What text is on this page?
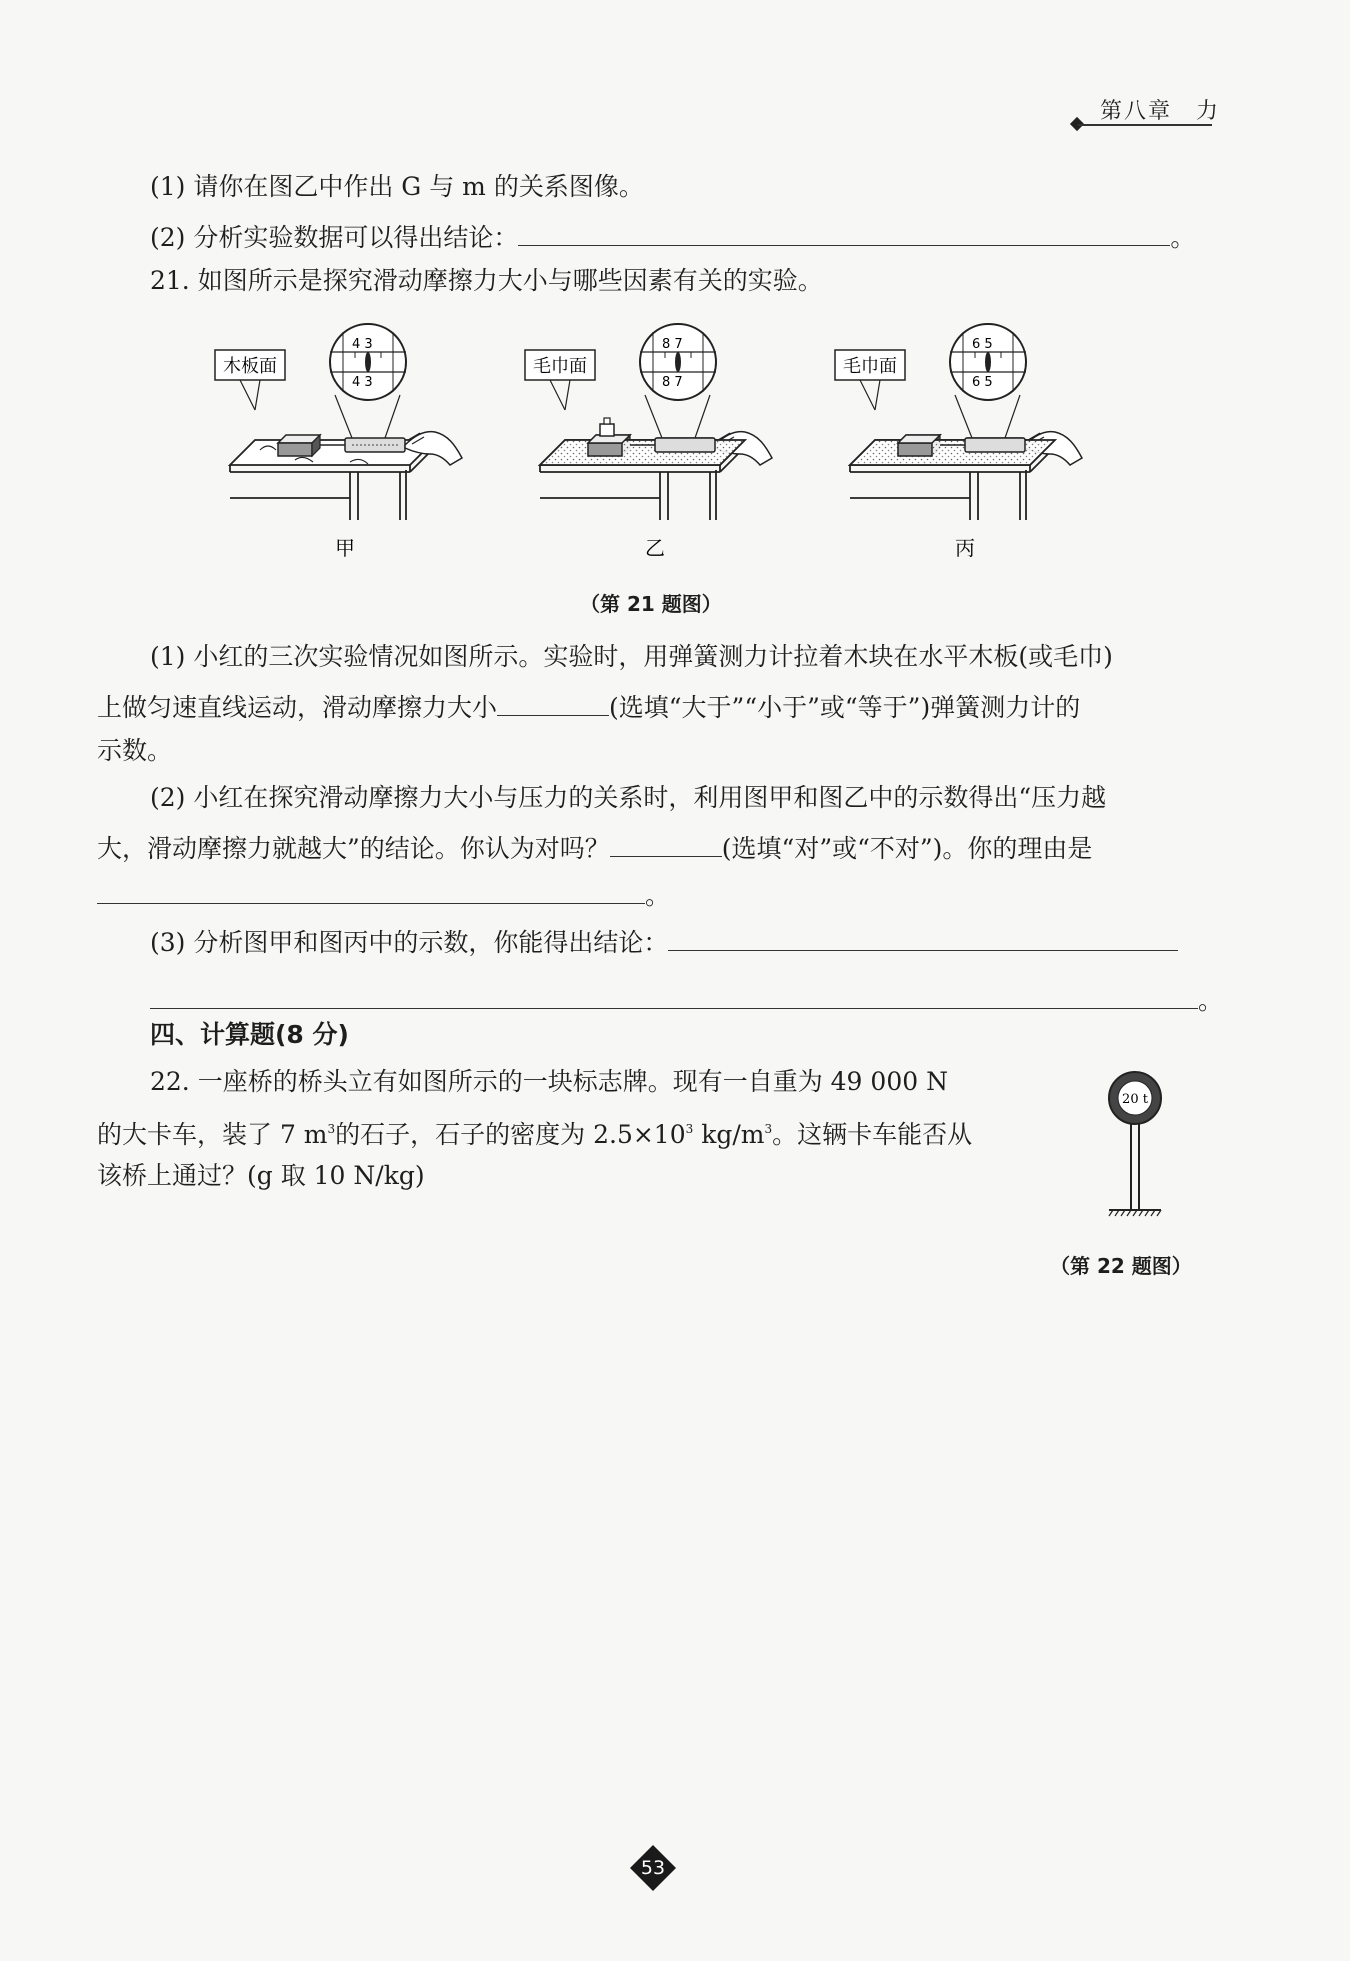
第八章　力
(1) 请你在图乙中作出 G 与 m 的关系图像。
(2) 分析实验数据可以得出结论：	。
21. 如图所示是探究滑动摩擦力大小与哪些因素有关的实验。
木板面
4 3
4 3
甲
毛巾面
8 7
8 7
乙
毛巾面
6 5
6 5
丙
（第 21 题图）
(1) 小红的三次实验情况如图所示。实验时，用弹簧测力计拉着木块在水平木板(或毛巾)
上做匀速直线运动，滑动摩擦力大小	(选填“大于”“小于”或“等于”)弹簧测力计的
示数。
(2) 小红在探究滑动摩擦力大小与压力的关系时，利用图甲和图乙中的示数得出“压力越
大，滑动摩擦力就越大”的结论。你认为对吗？	(选填“对”或“不对”)。你的理由是
。
(3) 分析图甲和图丙中的示数，你能得出结论：
。
四、计算题(8 分)
22. 一座桥的桥头立有如图所示的一块标志牌。现有一自重为 49 000 N
的大卡车，装了 7 $m^3$的石子，石子的密度为 $2.5\times 10^3$ $kg/m^3$。这辆卡车能否从
该桥上通过？(g 取 10 N/kg)
20 t
（第 22 题图）
53
